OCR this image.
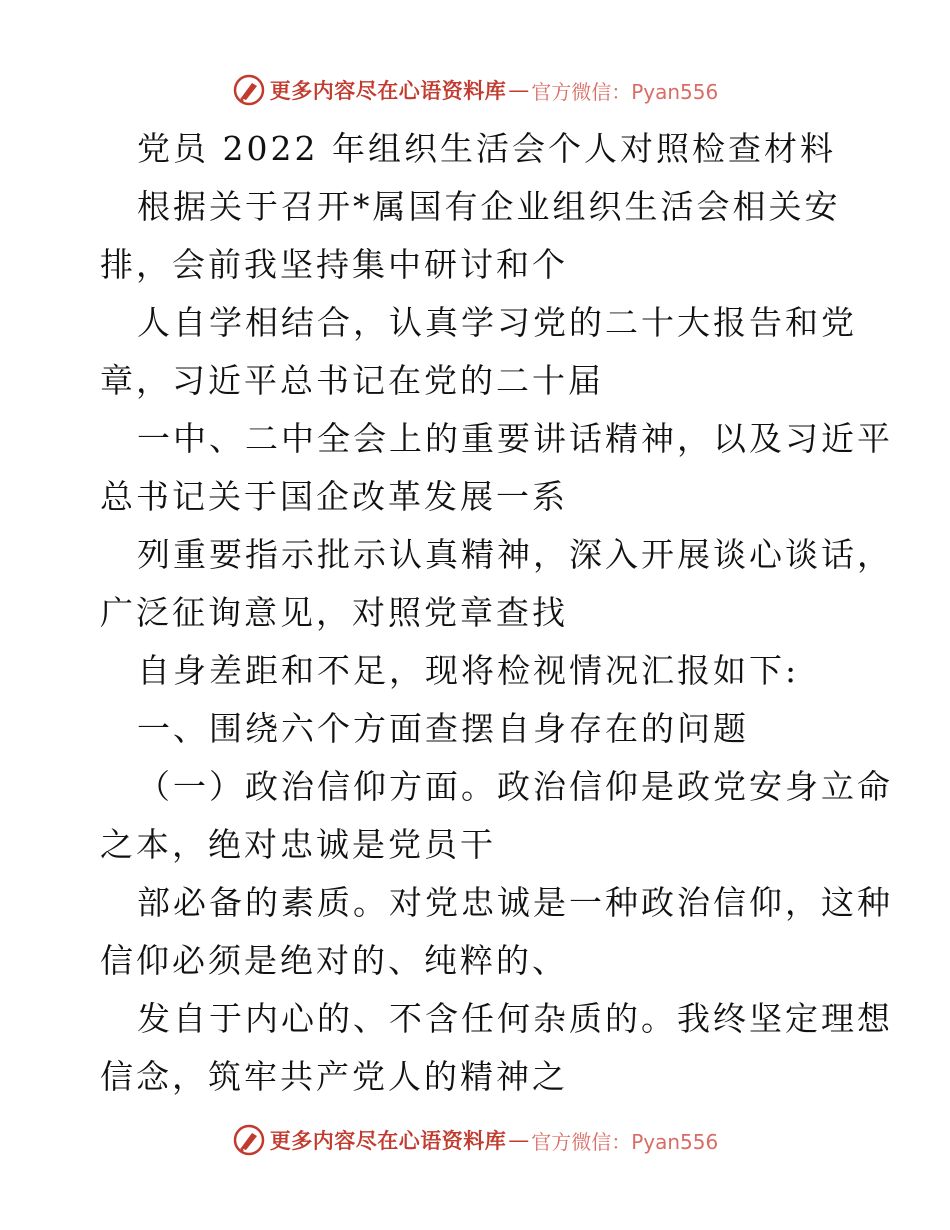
更多内容尽在心语资料库 — 官方微信：Pyan556
党员 2022 年组织生活会个人对照检查材料
根据关于召开*属国有企业组织生活会相关安
排，会前我坚持集中研讨和个
人自学相结合，认真学习党的二十大报告和党
章，习近平总书记在党的二十届
一中、二中全会上的重要讲话精神，以及习近平
总书记关于国企改革发展一系
列重要指示批示认真精神，深入开展谈心谈话，
广泛征询意见，对照党章查找
自身差距和不足，现将检视情况汇报如下:
一、围绕六个方面查摆自身存在的问题
（一）政治信仰方面。政治信仰是政党安身立命
之本，绝对忠诚是党员干
部必备的素质。对党忠诚是一种政治信仰，这种
信仰必须是绝对的、纯粹的、
发自于内心的、不含任何杂质的。我终坚定理想
信念，筑牢共产党人的精神之
更多内容尽在心语资料库 — 官方微信：Pyan556
